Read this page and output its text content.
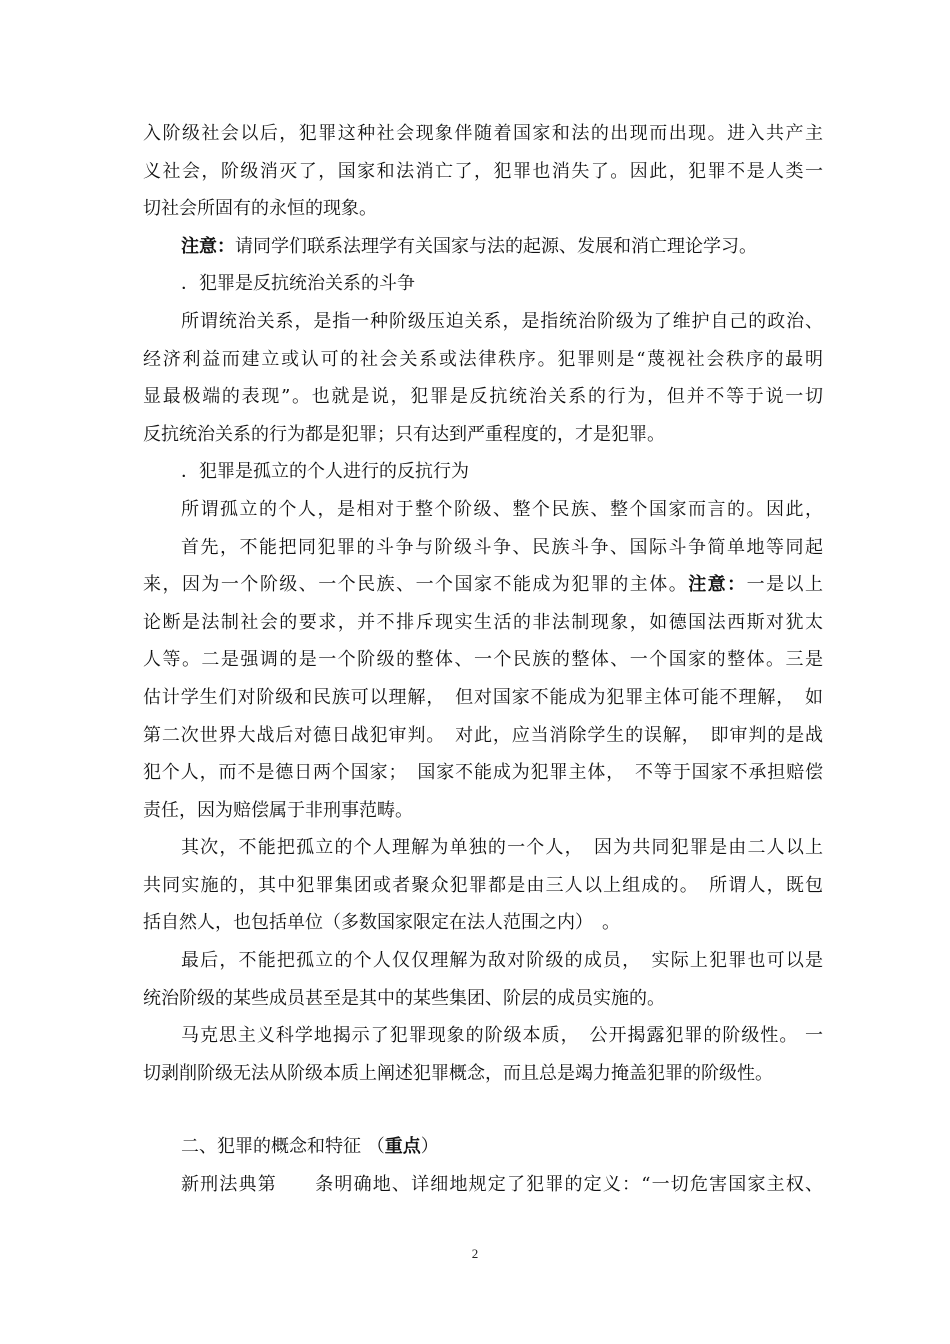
入阶级社会以后，犯罪这种社会现象伴随着国家和法的出现而出现。进入共产主
义社会，阶级消灭了，国家和法消亡了，犯罪也消失了。因此，犯罪不是人类一
切社会所固有的永恒的现象。
注意：请同学们联系法理学有关国家与法的起源、发展和消亡理论学习。
．犯罪是反抗统治关系的斗争
所谓统治关系，是指一种阶级压迫关系，是指统治阶级为了维护自己的政治、
经济利益而建立或认可的社会关系或法律秩序。犯罪则是“蔑视社会秩序的最明
显最极端的表现”。也就是说，犯罪是反抗统治关系的行为，但并不等于说一切
反抗统治关系的行为都是犯罪；只有达到严重程度的，才是犯罪。
．犯罪是孤立的个人进行的反抗行为
所谓孤立的个人，是相对于整个阶级、整个民族、整个国家而言的。因此，
首先，不能把同犯罪的斗争与阶级斗争、民族斗争、国际斗争简单地等同起
来，因为一个阶级、一个民族、一个国家不能成为犯罪的主体。注意：一是以上
论断是法制社会的要求，并不排斥现实生活的非法制现象，如德国法西斯对犹太
人等。二是强调的是一个阶级的整体、一个民族的整体、一个国家的整体。三是
估计学生们对阶级和民族可以理解，　但对国家不能成为犯罪主体可能不理解，　如
第二次世界大战后对德日战犯审判。　对此，应当消除学生的误解，　即审判的是战
犯个人，而不是德日两个国家；　国家不能成为犯罪主体，　不等于国家不承担赔偿
责任，因为赔偿属于非刑事范畴。
其次，不能把孤立的个人理解为单独的一个人，　因为共同犯罪是由二人以上
共同实施的，其中犯罪集团或者聚众犯罪都是由三人以上组成的。　所谓人，既包
括自然人，也包括单位（多数国家限定在法人范围之内）　。
最后，不能把孤立的个人仅仅理解为敌对阶级的成员，　实际上犯罪也可以是
统治阶级的某些成员甚至是其中的某些集团、阶层的成员实施的。
马克思主义科学地揭示了犯罪现象的阶级本质，　公开揭露犯罪的阶级性。 一
切剥削阶级无法从阶级本质上阐述犯罪概念，而且总是竭力掩盖犯罪的阶级性。
二、犯罪的概念和特征 （重点）
新刑法典第　　条明确地、详细地规定了犯罪的定义：“一切危害国家主权、
2
